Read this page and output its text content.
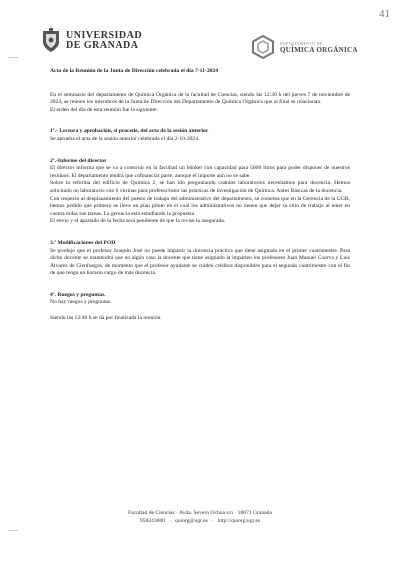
41
—
—
UNIVERSIDAD
DE GRANADA	DEPARTAMENTO DE
QUÍMICA ORGÁNICA

Acta de la Reunión de la Junta de Dirección celebrada el día 7-11-2024

En el seminario del departamento de Química Orgánica de la facultad de Ciencias, siendo las 12:30 h del jueves 7 de noviembre de 2024, se reúnen los miembros de la Junta de Dirección del Departamento de Química Orgánica que al final se relacionan.

El orden del día de esta reunión fue la siguiente:

1º.- Lectura y aprobación, si procede, del acta de la sesión anterior

Se aprueba el acta de la sesión anterior celebrada el día 2-10-2024.

2º.-Informe del director

El director informa que se va a construir en la facultad un búnker con capacidad para 5000 litros para poder disponer de nuestros residuos. El departamento tendrá que cofinanciar parte, aunque el importe aún no se sabe.

Sobre la reforma del edificio de Química 2, se han ido preguntando cuántos laboratorios necesitamos para docencia. Hemos solicitado un laboratorio con 6 vitrinas para profesor/tutor las prácticas de investigación de Química. Antes Básicas de la docencia.

Con respecto al desplazamiento del puesto de trabajo del administrativo del departamento, se comenta que en la Gerencia de la UGR, hemos pedido que primero se lleve un plan piloto en el cual los administrativos no tienen que dejar su sitio de trabajo al tener en cuenta todas sus tareas. La gerencia está estudiando la propuesta.

El envío y el apartado de la fecha será pendiente de que la revise la asegurada.

3.º Modificaciones del POD

Se produjo que el profesor Joaquín José no puede impartir la docencia práctica que tiene asignada en el primer cuatrimestre. Para dicho docente se mantendrá que en algún caso la docente que tiene asignado la imparten los profesores Juan Manuel Cuerva y Luis Álvarez de Cienfuegos, de momento que el profesor ayudante se cuiden créditos disponibles para el segundo cuatrimestre con el fin de que tenga un horario cargo de más docencia.

4º. Ruegos y preguntas.

No hay ruegos y preguntas.

Siendo las 12:40 h se da por finalizada la reunión.

Facultad de Ciencias · Avda. Severo Ochoa s/n · 18071 Granada
958243000 · quiorg@ugr.es · http://quiorg.ugr.es
